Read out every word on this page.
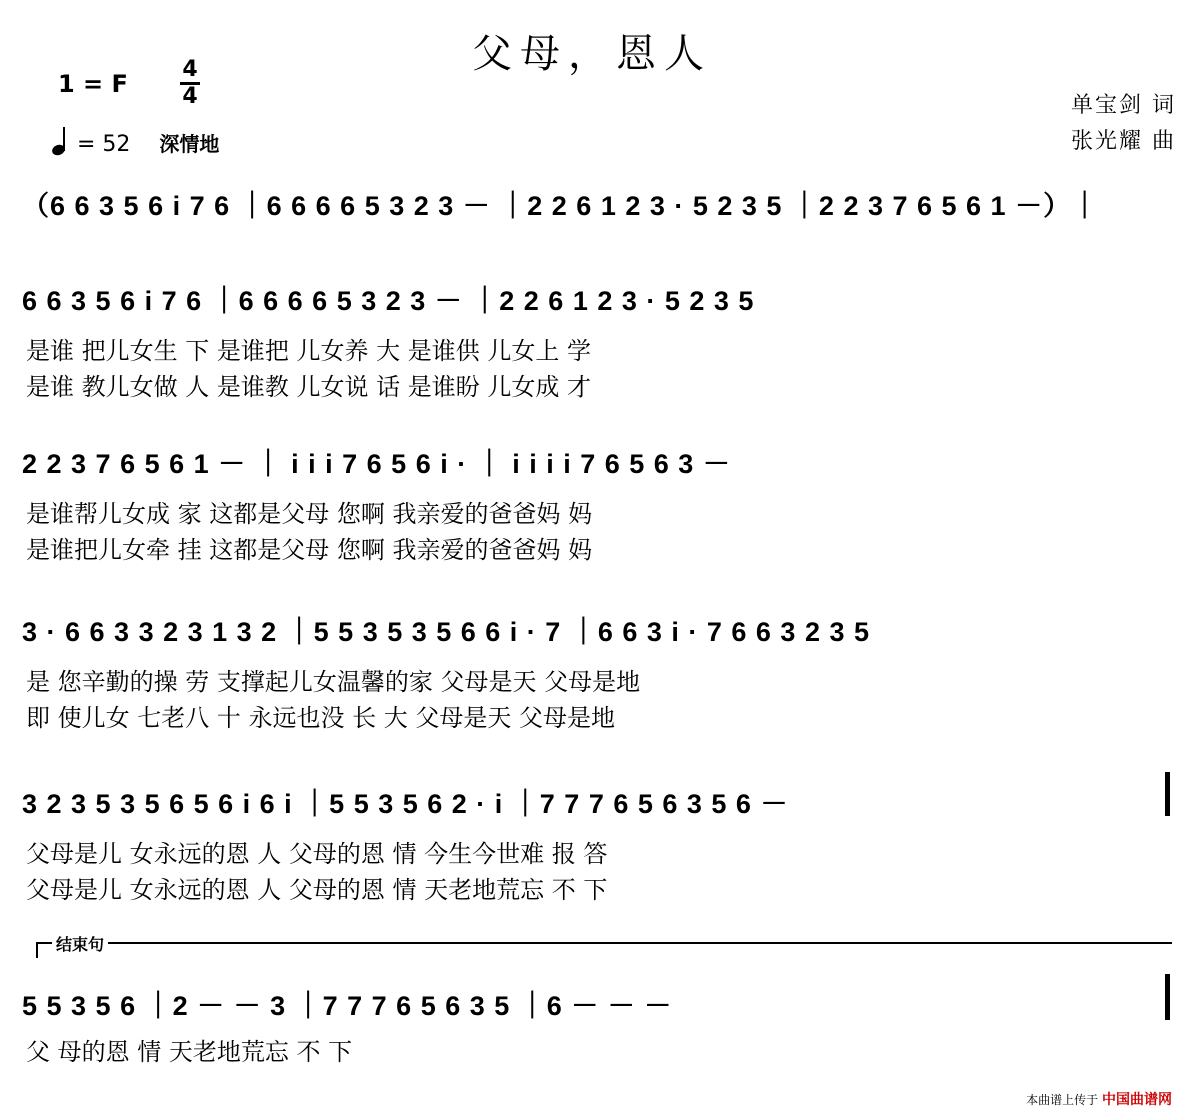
父母，恩人
1 = F
4
4
= 52 深情地
单宝剑 词
张光耀 曲
（6 6 3 5 6 i 7 6 ｜6 6 6 6 5 3 2 3 － ｜2 2 6 1 2 3 · 5 2 3 5 ｜2 2 3 7 6 5 6 1 －）｜
6 6 3 5 6 i 7 6 ｜6 6 6 6 5 3 2 3 － ｜2 2 6 1 2 3 · 5 2 3 5
是谁 把儿女生 下 是谁把 儿女养 大 是谁供 儿女上 学
是谁 教儿女做 人 是谁教 儿女说 话 是谁盼 儿女成 才
2 2 3 7 6 5 6 1 － ｜ i i i 7 6 5 6 i · ｜ i i i i 7 6 5 6 3 －
是谁帮儿女成 家 这都是父母 您啊 我亲爱的爸爸妈 妈
是谁把儿女牵 挂 这都是父母 您啊 我亲爱的爸爸妈 妈
3 · 6 6 3 3 2 3 1 3 2 ｜5 5 3 5 3 5 6 6 i · 7 ｜6 6 3 i · 7 6 6 3 2 3 5
是 您辛勤的操 劳 支撑起儿女温馨的家 父母是天 父母是地
即 使儿女 七老八 十 永远也没 长 大 父母是天 父母是地
3 2 3 5 3 5 6 5 6 i 6 i ｜5 5 3 5 6 2 · i ｜7 7 7 6 5 6 3 5 6 －
父母是儿 女永远的恩 人 父母的恩 情 今生今世难 报 答
父母是儿 女永远的恩 人 父母的恩 情 天老地荒忘 不 下
结束句
5 5 3 5 6 ｜2 － － 3 ｜7 7 7 6 5 6 3 5 ｜6 － － －
父 母的恩 情 天老地荒忘 不 下
本曲谱上传于 中国曲谱网
